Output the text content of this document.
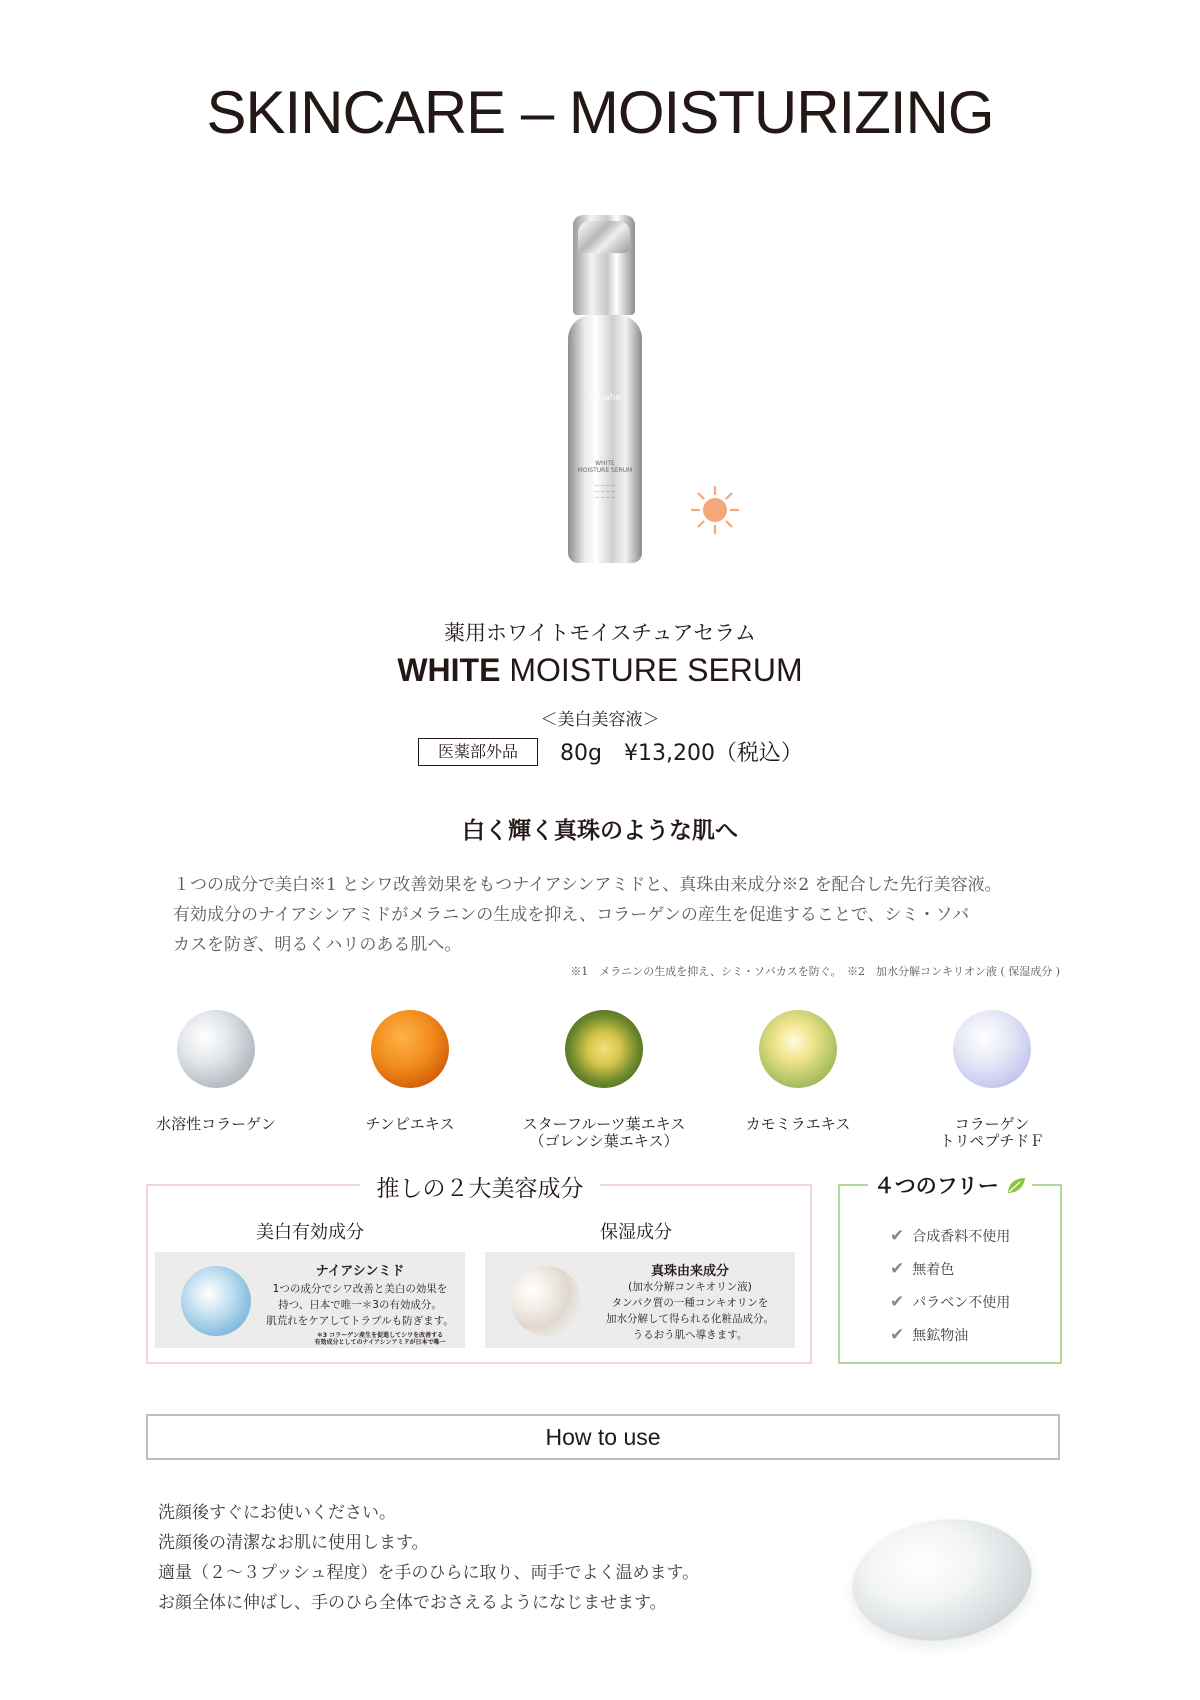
SKINCARE – MOISTURIZING
ranahe
WHITE
MOISTURE SERUM
— — — —
— — — —
— — — —
薬用ホワイトモイスチュアセラム
WHITE MOISTURE SERUM
＜美白美容液＞
医薬部外品	80g　¥13,200（税込）
白く輝く真珠のような肌へ
１つの成分で美白※1 とシワ改善効果をもつナイアシンアミドと、真珠由来成分※2 を配合した先行美容液。
有効成分のナイアシンアミドがメラニンの生成を抑え、コラーゲンの産生を促進することで、シミ・ソバ
カスを防ぎ、明るくハリのある肌へ。
※1　メラニンの生成を抑え、シミ・ソバカスを防ぐ。　※2　加水分解コンキリオン液 ( 保湿成分 )
水溶性コラーゲン	チンピエキス	スターフルーツ葉エキス
（ゴレンシ葉エキス）
カモミラエキス	コラーゲン
トリペプチドＦ
推しの２大美容成分
美白有効成分	保湿成分
ナイアシンミド
1つの成分でシワ改善と美白の効果を
持つ、日本で唯一＊3の有効成分。
肌荒れをケアしてトラブルも防ぎます。
＊3 コラーゲン産生を促進してシワを改善する
有効成分としてのナイアシンアミドが日本で唯一
真珠由来成分
(加水分解コンキオリン液)
タンパク質の一種コンキオリンを
加水分解して得られる化粧品成分。
うるおう肌へ導きます。
４つのフリー
✔ 合成香料不使用
✔ 無着色
✔ パラベン不使用
✔ 無鉱物油
How to use
洗顔後すぐにお使いください。
洗顔後の清潔なお肌に使用します。
適量（２～３プッシュ程度）を手のひらに取り、両手でよく温めます。
お顔全体に伸ばし、手のひら全体でおさえるようになじませます。
